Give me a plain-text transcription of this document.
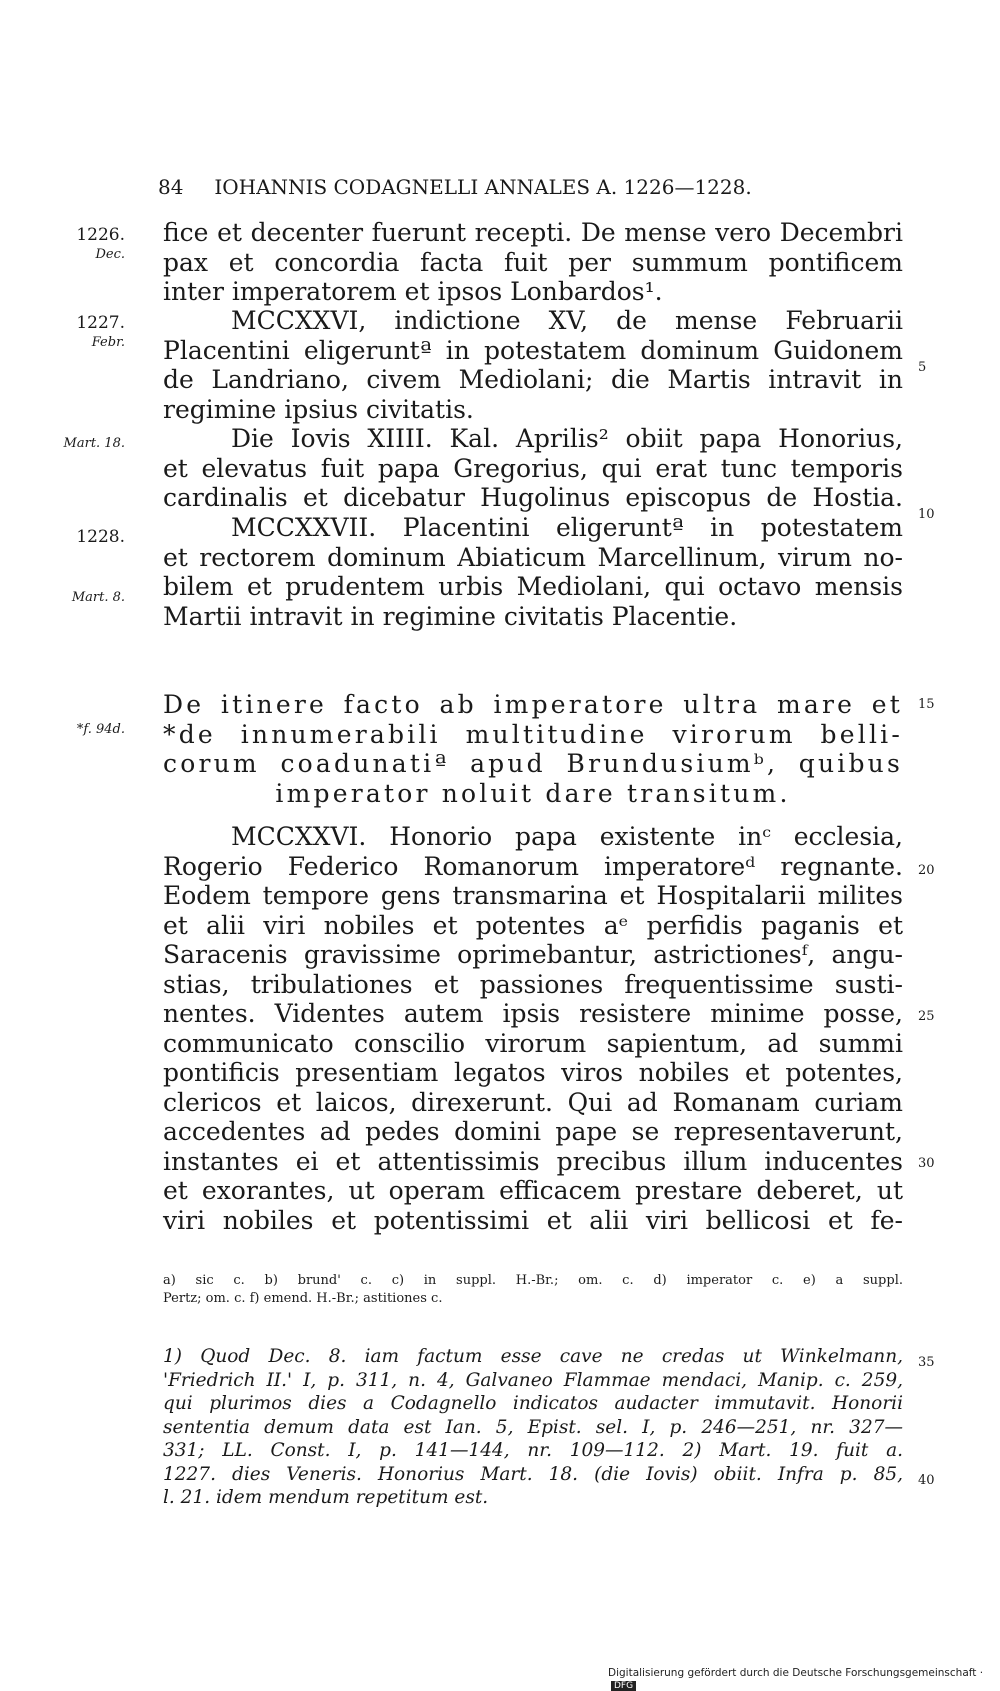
84 IOHANNIS CODAGNELLI ANNALES A. 1226—1228.
1226.
Dec.
1227.
Febr.
Mart. 18.
1228.
Mart. 8.
*f. 94d.
5
10
15
20
25
30
35
40
fice et decenter fuerunt recepti. De mense vero Decembri
pax et concordia facta fuit per summum pontificem
inter imperatorem et ipsos Lonbardos¹.
MCCXXVI, indictione XV, de mense Februarii
Placentini eligeruntª in potestatem dominum Guidonem
de Landriano, civem Mediolani; die Martis intravit in
regimine ipsius civitatis.
Die Iovis XIIII. Kal. Aprilis² obiit papa Honorius,
et elevatus fuit papa Gregorius, qui erat tunc temporis
cardinalis et dicebatur Hugolinus episcopus de Hostia.
MCCXXVII. Placentini eligeruntª in potestatem
et rectorem dominum Abiaticum Marcellinum, virum no-
bilem et prudentem urbis Mediolani, qui octavo mensis
Martii intravit in regimine civitatis Placentie.
De itinere facto ab imperatore ultra mare et
*de innumerabili multitudine virorum belli-
corum coadunatiª apud Brundusiumᵇ, quibus
imperator noluit dare transitum.
MCCXXVI. Honorio papa existente inᶜ ecclesia,
Rogerio Federico Romanorum imperatoreᵈ regnante.
Eodem tempore gens transmarina et Hospitalarii milites
et alii viri nobiles et potentes aᵉ perfidis paganis et
Saracenis gravissime oprimebantur, astrictionesᶠ, angu-
stias, tribulationes et passiones frequentissime susti-
nentes. Videntes autem ipsis resistere minime posse,
communicato conscilio virorum sapientum, ad summi
pontificis presentiam legatos viros nobiles et potentes,
clericos et laicos, direxerunt. Qui ad Romanam curiam
accedentes ad pedes domini pape se representaverunt,
instantes ei et attentissimis precibus illum inducentes
et exorantes, ut operam efficacem prestare deberet, ut
viri nobiles et potentissimi et alii viri bellicosi et fe-
a) sic c. b) brund' c. c) in suppl. H.-Br.; om. c. d) imperator c. e) a suppl.
Pertz; om. c. f) emend. H.-Br.; astitiones c.
1) Quod Dec. 8. iam factum esse cave ne credas ut Winkelmann,
'Friedrich II.' I, p. 311, n. 4, Galvaneo Flammae mendaci, Manip. c. 259,
qui plurimos dies a Codagnello indicatos audacter immutavit. Honorii
sententia demum data est Ian. 5, Epist. sel. I, p. 246—251, nr. 327—
331; LL. Const. I, p. 141—144, nr. 109—112. 2) Mart. 19. fuit a.
1227. dies Veneris. Honorius Mart. 18. (die Iovis) obiit. Infra p. 85,
l. 21. idem mendum repetitum est.
Digitalisierung gefördert durch die Deutsche Forschungsgemeinschaft ·DFG
